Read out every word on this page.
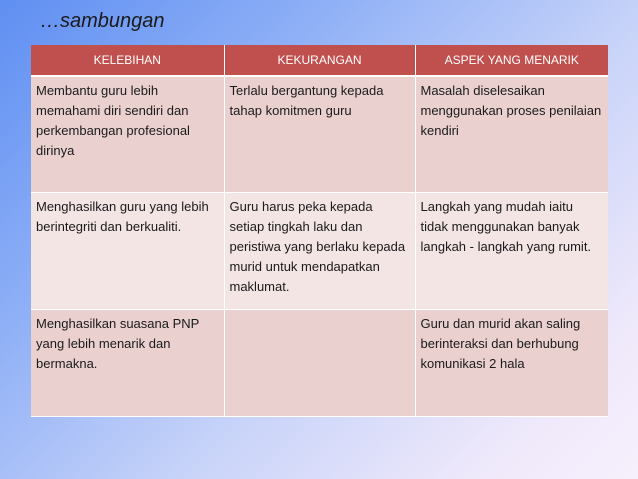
…sambungan
KELEBIHAN	KEKURANGAN	ASPEK YANG MENARIK
Membantu guru lebih memahami diri sendiri dan perkembangan profesional dirinya	Terlalu bergantung kepada tahap komitmen guru	Masalah diselesaikan menggunakan proses penilaian kendiri
Menghasilkan guru yang lebih berintegriti dan berkualiti.	Guru harus peka kepada setiap tingkah laku dan peristiwa yang berlaku kepada murid untuk mendapatkan maklumat.	Langkah yang mudah iaitu tidak menggunakan banyak langkah - langkah yang rumit.
Menghasilkan suasana PNP yang lebih menarik dan bermakna.		Guru dan murid akan saling berinteraksi dan berhubung komunikasi 2 hala
